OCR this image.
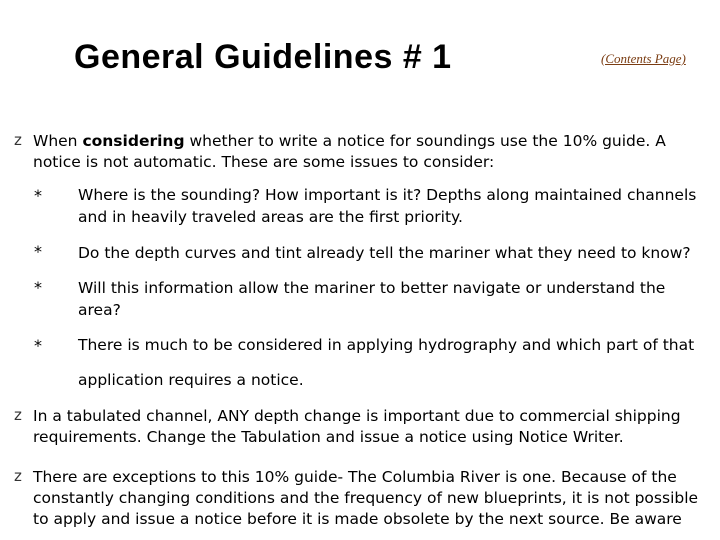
General Guidelines # 1	(Contents Page)
z When considering whether to write a notice for soundings use the 10% guide. A notice is not automatic. These are some issues to consider:
* Where is the sounding? How important is it? Depths along maintained channels and in heavily traveled areas are the first priority.
* Do the depth curves and tint already tell the mariner what they need to know?
* Will this information allow the mariner to better navigate or understand the area?
* There is much to be considered in applying hydrography and which part of that
application requires a notice.
z In a tabulated channel, ANY depth change is important due to commercial shipping requirements. Change the Tabulation and issue a notice using Notice Writer.
z There are exceptions to this 10% guide- The Columbia River is one. Because of the constantly changing conditions and the frequency of new blueprints, it is not possible to apply and issue a notice before it is made obsolete by the next source. Be aware
